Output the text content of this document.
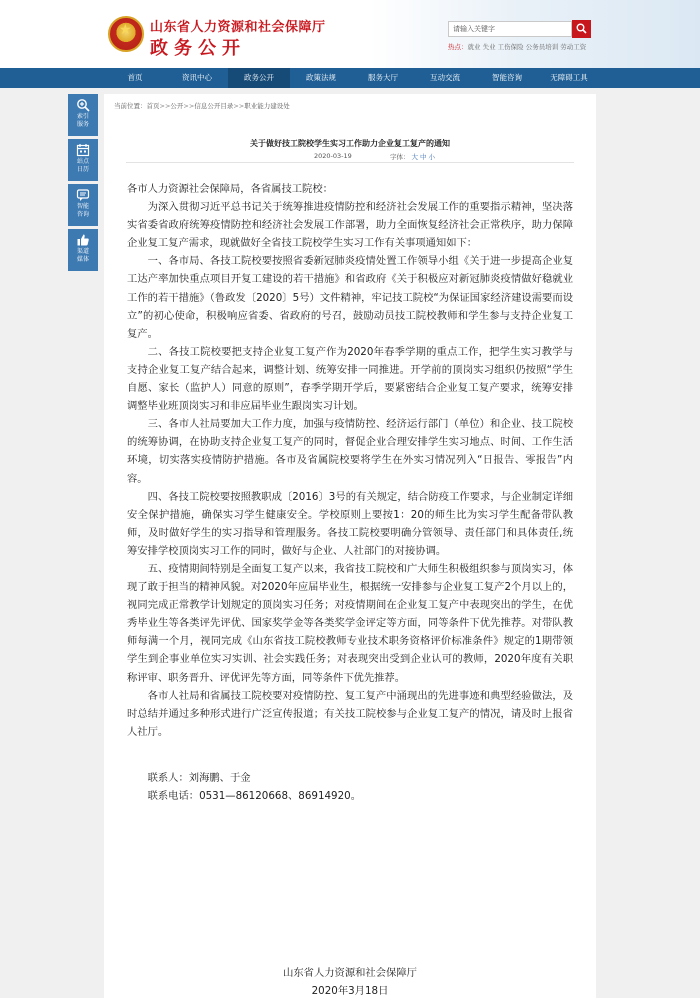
★ 山东省人力资源和社会保障厅
政务公开
请输入关键字
热点：就业 失业 工伤保险 公务员培训 劳动工资
首页	资讯中心	政务公开	政策法规	服务大厅	互动交流	智能咨询	无障碍工具
索引
服务
站点
日历
智能
咨询
渠道
媒体
当前位置：首页>>公开>>信息公开目录>>职业能力建设处
关于做好技工院校学生实习工作助力企业复工复产的通知
2020-03-19	字体： 大 中 小

各市人力资源社会保障局，各省属技工院校：

为深入贯彻习近平总书记关于统筹推进疫情防控和经济社会发展工作的重要指示精神，坚决落实省委省政府统筹疫情防控和经济社会发展工作部署，助力全面恢复经济社会正常秩序，助力保障企业复工复产需求，现就做好全省技工院校学生实习工作有关事项通知如下：

一、各市局、各技工院校要按照省委新冠肺炎疫情处置工作领导小组《关于进一步提高企业复工达产率加快重点项目开复工建设的若干措施》和省政府《关于积极应对新冠肺炎疫情做好稳就业工作的若干措施》（鲁政发〔2020〕5号）文件精神，牢记技工院校“为保证国家经济建设需要而设立”的初心使命，积极响应省委、省政府的号召，鼓励动员技工院校教师和学生参与支持企业复工复产。

二、各技工院校要把支持企业复工复产作为2020年春季学期的重点工作，把学生实习教学与支持企业复工复产结合起来，调整计划、统筹安排一同推进。开学前的顶岗实习组织仍按照“学生自愿、家长（监护人）同意的原则”，春季学期开学后，要紧密结合企业复工复产要求，统筹安排调整毕业班顶岗实习和非应届毕业生跟岗实习计划。

三、各市人社局要加大工作力度，加强与疫情防控、经济运行部门（单位）和企业、技工院校的统筹协调，在协助支持企业复工复产的同时，督促企业合理安排学生实习地点、时间、工作生活环境，切实落实疫情防护措施。各市及省属院校要将学生在外实习情况列入“日报告、零报告”内容。

四、各技工院校要按照教职成〔2016〕3号的有关规定，结合防疫工作要求，与企业制定详细安全保护措施，确保实习学生健康安全。学校原则上要按1：20的师生比为实习学生配备带队教师，及时做好学生的实习指导和管理服务。各技工院校要明确分管领导、责任部门和具体责任,统筹安排学校顶岗实习工作的同时，做好与企业、人社部门的对接协调。

五、疫情期间特别是全面复工复产以来，我省技工院校和广大师生积极组织参与顶岗实习，体现了敢于担当的精神风貌。对2020年应届毕业生，根据统一安排参与企业复工复产2个月以上的，视同完成正常教学计划规定的顶岗实习任务；对疫情期间在企业复工复产中表现突出的学生，在优秀毕业生等各类评先评优、国家奖学金等各类奖学金评定等方面，同等条件下优先推荐。对带队教师每满一个月，视同完成《山东省技工院校教师专业技术职务资格评价标准条件》规定的1期带领学生到企事业单位实习实训、社会实践任务；对表现突出受到企业认可的教师，2020年度有关职称评审、职务晋升、评优评先等方面，同等条件下优先推荐。

各市人社局和省属技工院校要对疫情防控、复工复产中涌现出的先进事迹和典型经验做法，及时总结并通过多种形式进行广泛宣传报道；有关技工院校参与企业复工复产的情况，请及时上报省人社厅。

联系人：刘海鹏、于金

联系电话：0531—86120668、86914920。

山东省人力资源和社会保障厅
2020年3月18日
